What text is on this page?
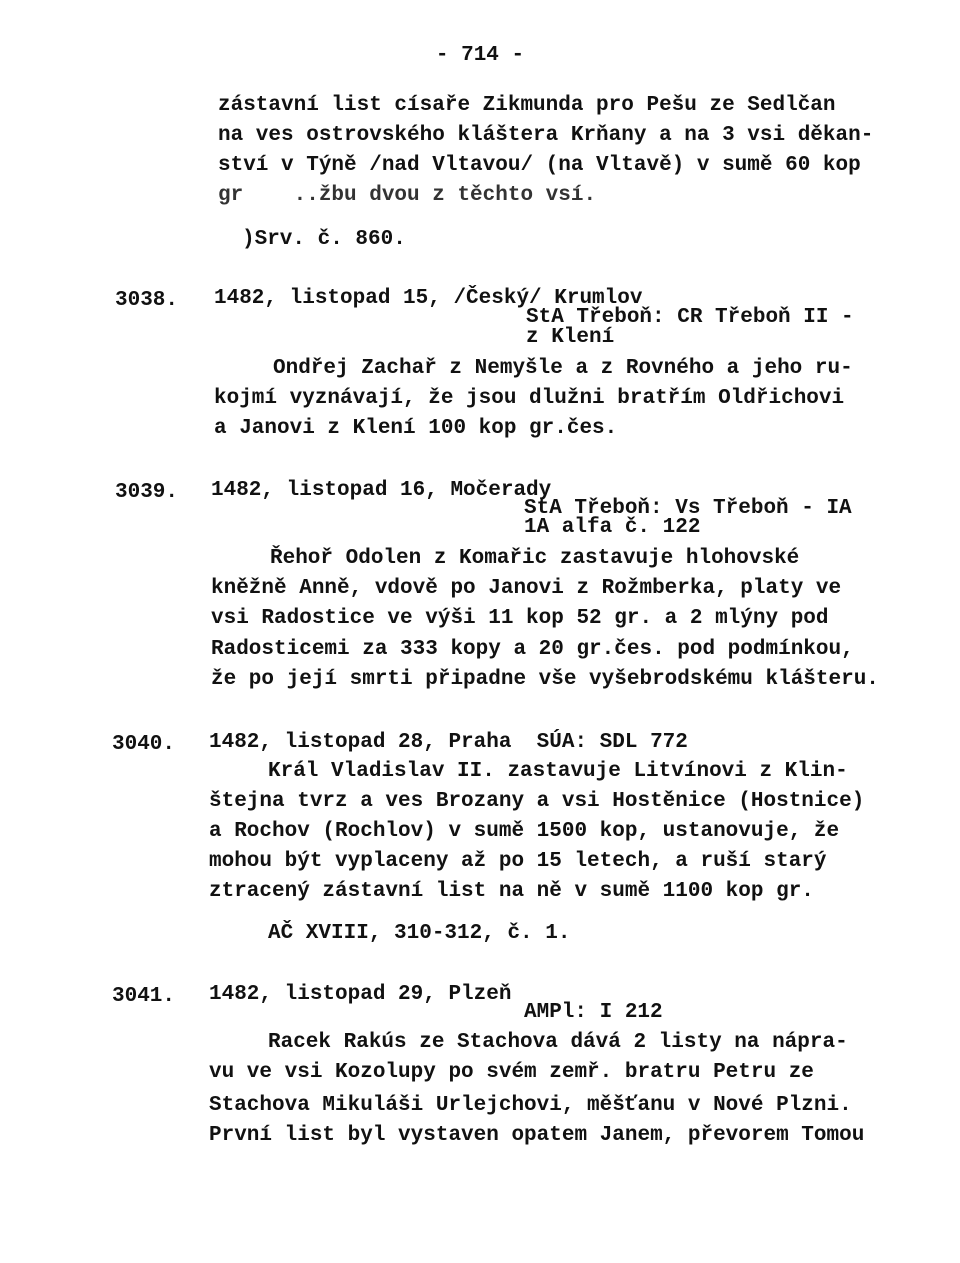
- 714 -
zástavní list císaře Zikmunda pro Pešu ze Sedlčan
na ves ostrovského kláštera Krňany a na 3 vsi děkan-
ství v Týně /nad Vltavou/ (na Vltavě) v sumě 60 kop
gr    ..žbu dvou z těchto vsí.
)Srv. č. 860.
3038. 1482, listopad 15, /Český/ Krumlov
StA Třeboň: CR Třeboň II -
z Klení
Ondřej Zachař z Nemyšle a z Rovného a jeho ru-
kojmí vyznávají, že jsou dlužni bratřím Oldřichovi
a Janovi z Klení 100 kop gr.čes.
3039. 1482, listopad 16, Močerady
StA Třeboň: Vs Třeboň - IA
1A alfa č. 122
Řehoř Odolen z Komařic zastavuje hlohovské
kněžně Anně, vdově po Janovi z Rožmberka, platy ve
vsi Radostice ve výši 11 kop 52 gr. a 2 mlýny pod
Radosticemi za 333 kopy a 20 gr.čes. pod podmínkou,
že po její smrti připadne vše vyšebrodskému klášteru.
3040. 1482, listopad 28, Praha  SÚA: SDL 772
Král Vladislav II. zastavuje Litvínovi z Klin-
štejna tvrz a ves Brozany a vsi Hostěnice (Hostnice)
a Rochov (Rochlov) v sumě 1500 kop, ustanovuje, že
mohou být vyplaceny až po 15 letech, a ruší starý
ztracený zástavní list na ně v sumě 1100 kop gr.
AČ XVIII, 310-312, č. 1.
3041. 1482, listopad 29, Plzeň
AMPl: I 212
Racek Rakús ze Stachova dává 2 listy na nápra-
vu ve vsi Kozolupy po svém zemř. bratru Petru ze
Stachova Mikuláši Urlejchovi, měšťanu v Nové Plzni.
První list byl vystaven opatem Janem, převorem Tomou
